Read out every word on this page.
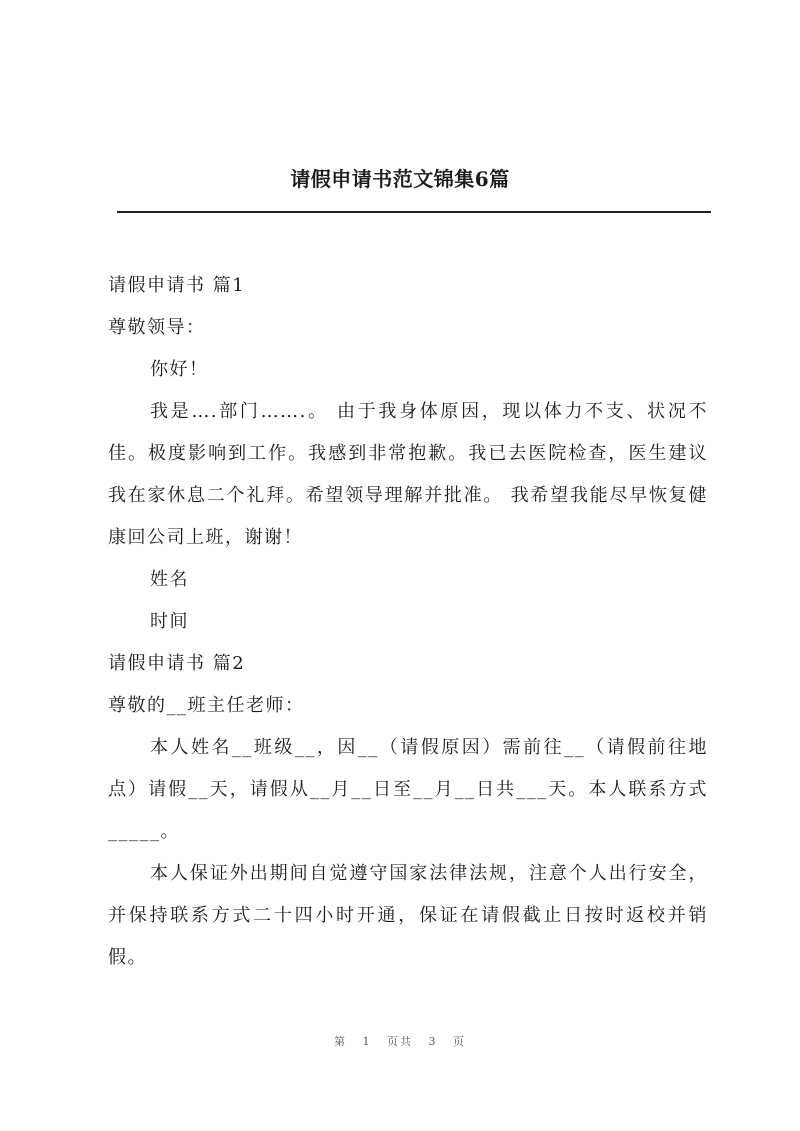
请假申请书范文锦集6篇

请假申请书 篇1

尊敬领导：

你好！

我是….部门…….。 由于我身体原因，现以体力不支、状况不佳。极度影响到工作。我感到非常抱歉。我已去医院检查，医生建议我在家休息二个礼拜。希望领导理解并批准。 我希望我能尽早恢复健康回公司上班，谢谢！

姓名

时间

请假申请书 篇2

尊敬的__班主任老师：

本人姓名__班级__，因__（请假原因）需前往__（请假前往地点）请假__天，请假从__月__日至__月__日共___天。本人联系方式_____。

本人保证外出期间自觉遵守国家法律法规，注意个人出行安全，并保持联系方式二十四小时开通，保证在请假截止日按时返校并销假。

第 1 页共 3 页
